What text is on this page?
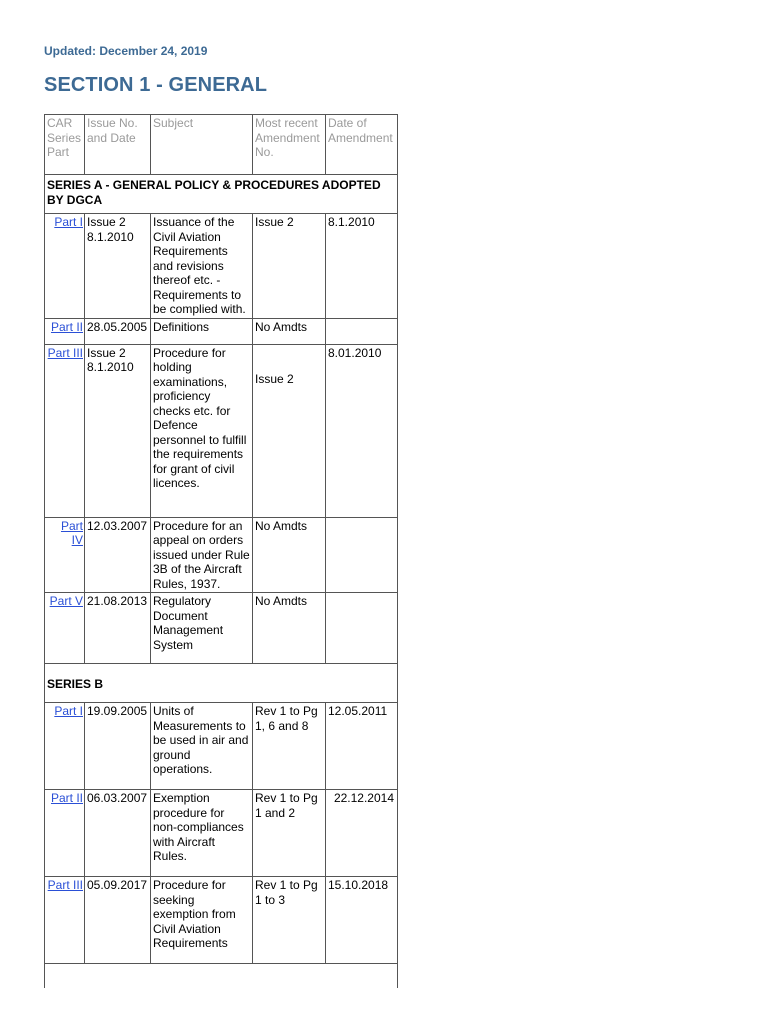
Updated: December 24, 2019
SECTION 1 - GENERAL
CAR Series Part	Issue No. and Date	Subject	Most recent Amendment No.	Date of Amendment
SERIES A - GENERAL POLICY & PROCEDURES ADOPTED BY DGCA				
Part I	Issue 2 8.1.2010	Issuance of the Civil Aviation Requirements and revisions thereof etc. - Requirements to be complied with.	Issue 2	8.1.2010
Part II	28.05.2005	Definitions	No Amdts	
Part III	Issue 2 8.1.2010	Procedure for holding examinations, proficiency checks etc. for Defence personnel to fulfill the requirements for grant of civil licences.	Issue 2	8.01.2010
Part IV	12.03.2007	Procedure for an appeal on orders issued under Rule 3B of the Aircraft Rules, 1937.	No Amdts	
Part V	21.08.2013	Regulatory Document Management System	No Amdts	
SERIES B				
Part I	19.09.2005	Units of Measurements to be used in air and ground operations.	Rev 1 to Pg 1, 6 and 8	12.05.2011
Part II	06.03.2007	Exemption procedure for non-compliances with Aircraft Rules.	Rev 1 to Pg 1 and 2	22.12.2014
Part III	05.09.2017	Procedure for seeking exemption from Civil Aviation Requirements	Rev 1 to Pg 1 to 3	15.10.2018
